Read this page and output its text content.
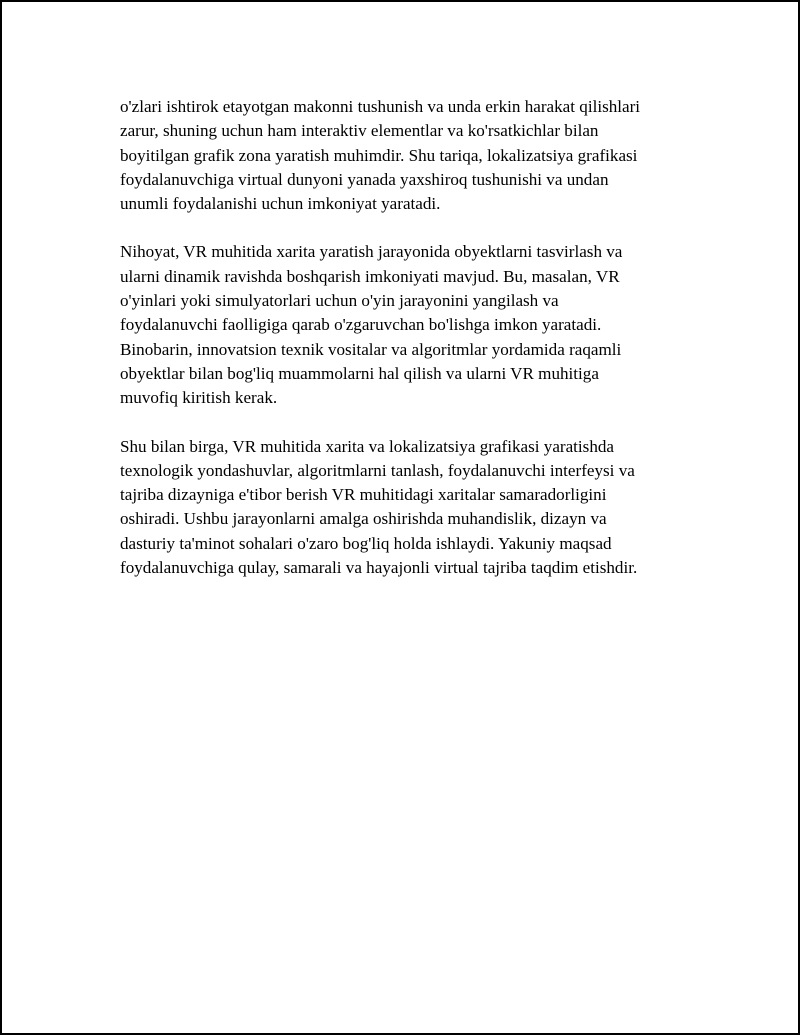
o'zlari ishtirok etayotgan makonni tushunish va unda erkin harakat qilishlari
zarur, shuning uchun ham interaktiv elementlar va ko'rsatkichlar bilan
boyitilgan grafik zona yaratish muhimdir. Shu tariqa, lokalizatsiya grafikasi
foydalanuvchiga virtual dunyoni yanada yaxshiroq tushunishi va undan
unumli foydalanishi uchun imkoniyat yaratadi.

Nihoyat, VR muhitida xarita yaratish jarayonida obyektlarni tasvirlash va
ularni dinamik ravishda boshqarish imkoniyati mavjud. Bu, masalan, VR
o'yinlari yoki simulyatorlari uchun o'yin jarayonini yangilash va
foydalanuvchi faolligiga qarab o'zgaruvchan bo'lishga imkon yaratadi.
Binobarin, innovatsion texnik vositalar va algoritmlar yordamida raqamli
obyektlar bilan bog'liq muammolarni hal qilish va ularni VR muhitiga
muvofiq kiritish kerak.

Shu bilan birga, VR muhitida xarita va lokalizatsiya grafikasi yaratishda
texnologik yondashuvlar, algoritmlarni tanlash, foydalanuvchi interfeysi va
tajriba dizayniga e'tibor berish VR muhitidagi xaritalar samaradorligini
oshiradi. Ushbu jarayonlarni amalga oshirishda muhandislik, dizayn va
dasturiy ta'minot sohalari o'zaro bog'liq holda ishlaydi. Yakuniy maqsad
foydalanuvchiga qulay, samarali va hayajonli virtual tajriba taqdim etishdir.
